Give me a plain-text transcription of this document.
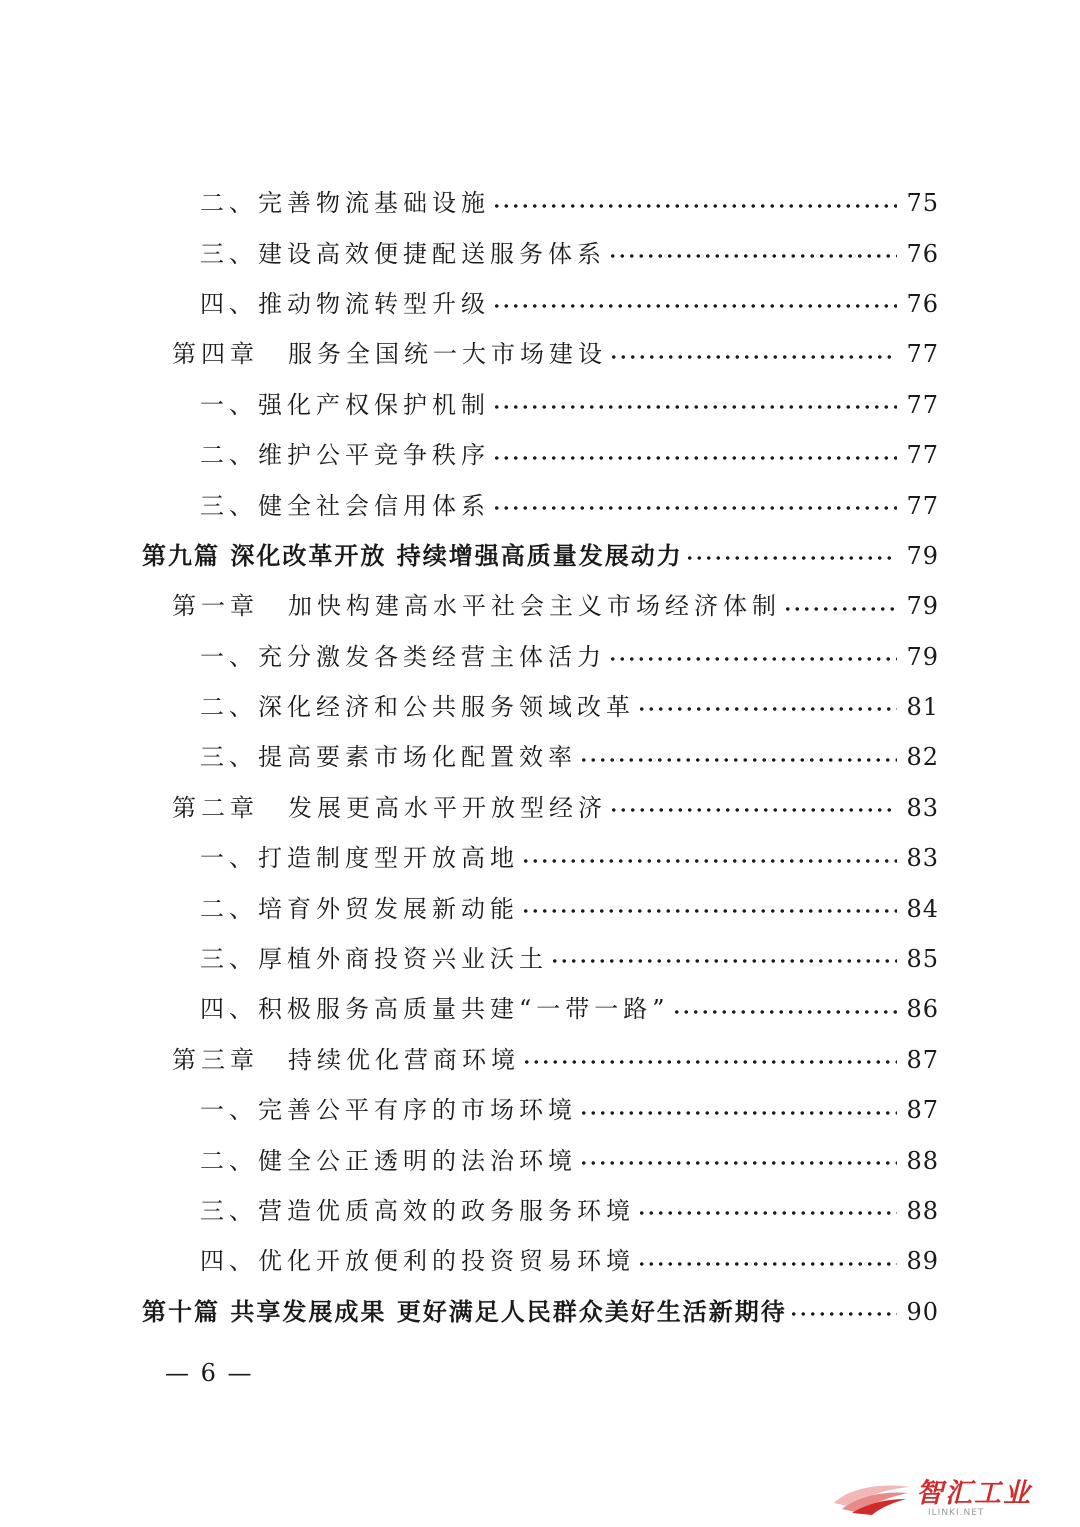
二、完善物流基础设施	75
三、建设高效便捷配送服务体系	76
四、推动物流转型升级	76
第四章　服务全国统一大市场建设	77
一、强化产权保护机制	77
二、维护公平竞争秩序	77
三、健全社会信用体系	77
第九篇 深化改革开放 持续增强高质量发展动力	79
第一章　加快构建高水平社会主义市场经济体制	79
一、充分激发各类经营主体活力	79
二、深化经济和公共服务领域改革	81
三、提高要素市场化配置效率	82
第二章　发展更高水平开放型经济	83
一、打造制度型开放高地	83
二、培育外贸发展新动能	84
三、厚植外商投资兴业沃土	85
四、积极服务高质量共建“一带一路”	86
第三章　持续优化营商环境	87
一、完善公平有序的市场环境	87
二、健全公正透明的法治环境	88
三、营造优质高效的政务服务环境	88
四、优化开放便利的投资贸易环境	89
第十篇 共享发展成果 更好满足人民群众美好生活新期待	90
— 6 —
智汇工业
ILINKI.NET
